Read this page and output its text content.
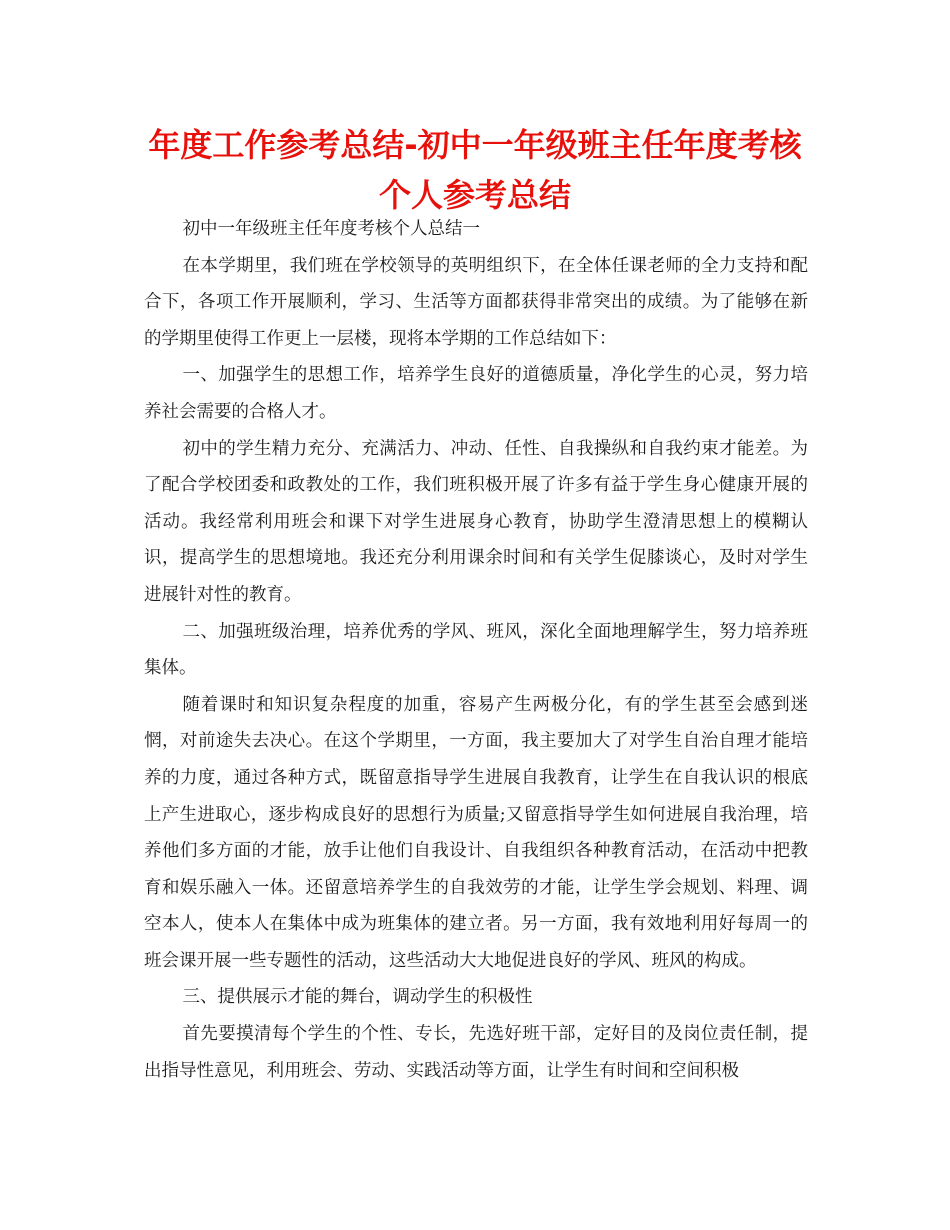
年度工作参考总结-初中一年级班主任年度考核
个人参考总结

初中一年级班主任年度考核个人总结一

在本学期里，我们班在学校领导的英明组织下，在全体任课老师的全力支持和配合下，各项工作开展顺利，学习、生活等方面都获得非常突出的成绩。为了能够在新的学期里使得工作更上一层楼，现将本学期的工作总结如下：

一、加强学生的思想工作，培养学生良好的道德质量，净化学生的心灵，努力培养社会需要的合格人才。

初中的学生精力充分、充满活力、冲动、任性、自我操纵和自我约束才能差。为了配合学校团委和政教处的工作，我们班积极开展了许多有益于学生身心健康开展的活动。我经常利用班会和课下对学生进展身心教育，协助学生澄清思想上的模糊认识，提高学生的思想境地。我还充分利用课余时间和有关学生促膝谈心，及时对学生进展针对性的教育。

二、加强班级治理，培养优秀的学风、班风，深化全面地理解学生，努力培养班集体。

随着课时和知识复杂程度的加重，容易产生两极分化，有的学生甚至会感到迷惘，对前途失去决心。在这个学期里，一方面，我主要加大了对学生自治自理才能培养的力度，通过各种方式，既留意指导学生进展自我教育，让学生在自我认识的根底上产生进取心，逐步构成良好的思想行为质量;又留意指导学生如何进展自我治理，培养他们多方面的才能，放手让他们自我设计、自我组织各种教育活动，在活动中把教育和娱乐融入一体。还留意培养学生的自我效劳的才能，让学生学会规划、料理、调空本人，使本人在集体中成为班集体的建立者。另一方面，我有效地利用好每周一的班会课开展一些专题性的活动，这些活动大大地促进良好的学风、班风的构成。

三、提供展示才能的舞台，调动学生的积极性

首先要摸清每个学生的个性、专长，先选好班干部，定好目的及岗位责任制，提出指导性意见，利用班会、劳动、实践活动等方面，让学生有时间和空间积极
